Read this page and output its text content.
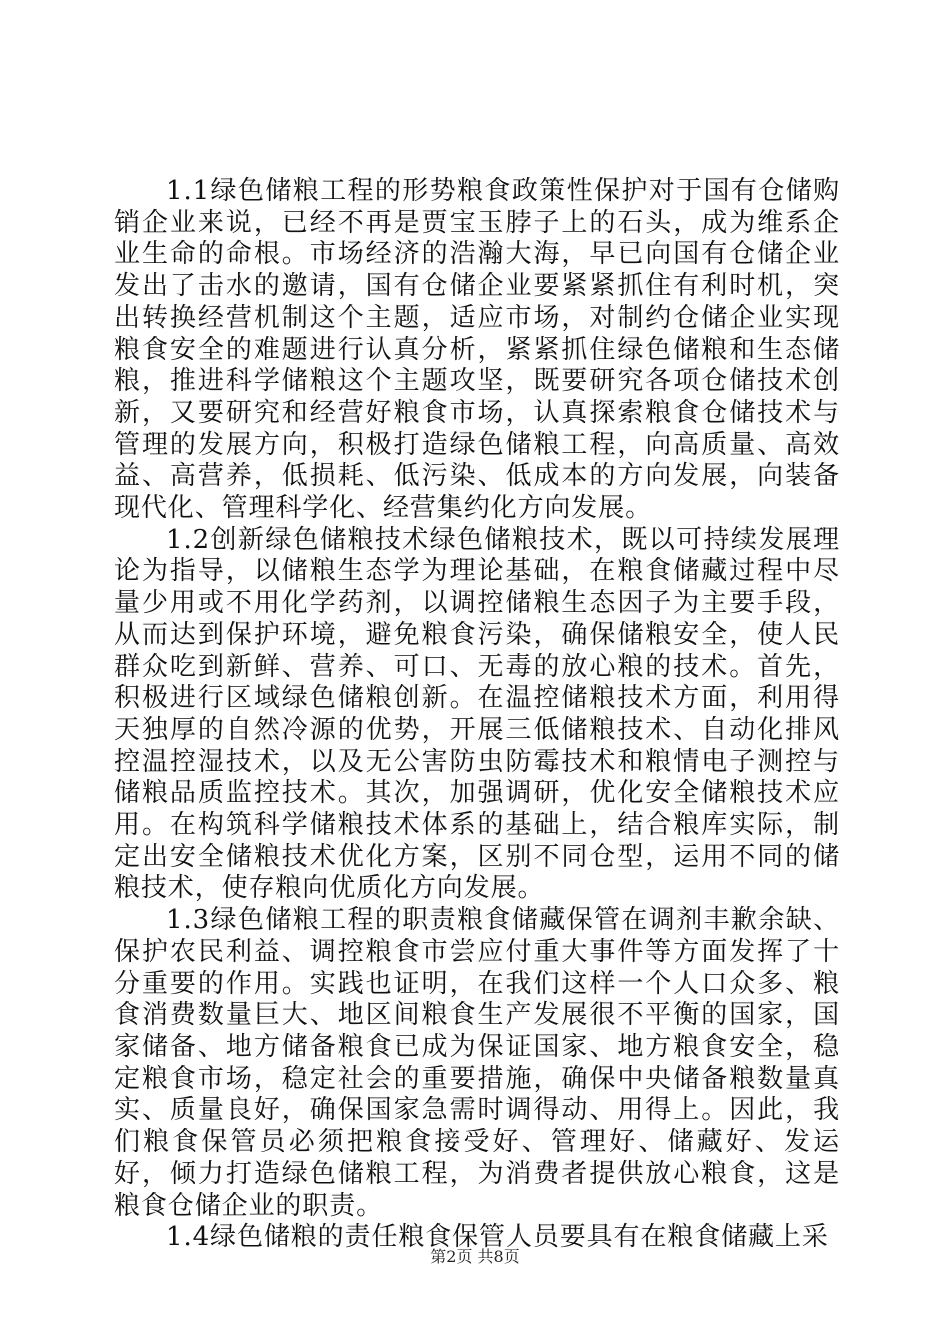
1.1绿色储粮工程的形势粮食政策性保护对于国有仓储购销企业来说，已经不再是贾宝玉脖子上的石头，成为维系企业生命的命根。市场经济的浩瀚大海，早已向国有仓储企业发出了击水的邀请，国有仓储企业要紧紧抓住有利时机，突出转换经营机制这个主题，适应市场，对制约仓储企业实现粮食安全的难题进行认真分析，紧紧抓住绿色储粮和生态储粮，推进科学储粮这个主题攻坚，既要研究各项仓储技术创新，又要研究和经营好粮食市场，认真探索粮食仓储技术与管理的发展方向，积极打造绿色储粮工程，向高质量、高效益、高营养，低损耗、低污染、低成本的方向发展，向装备现代化、管理科学化、经营集约化方向发展。

1.2创新绿色储粮技术绿色储粮技术，既以可持续发展理论为指导，以储粮生态学为理论基础，在粮食储藏过程中尽量少用或不用化学药剂，以调控储粮生态因子为主要手段，从而达到保护环境，避免粮食污染，确保储粮安全，使人民群众吃到新鲜、营养、可口、无毒的放心粮的技术。首先，积极进行区域绿色储粮创新。在温控储粮技术方面，利用得天独厚的自然冷源的优势，开展三低储粮技术、自动化排风控温控湿技术，以及无公害防虫防霉技术和粮情电子测控与储粮品质监控技术。其次，加强调研，优化安全储粮技术应用。在构筑科学储粮技术体系的基础上，结合粮库实际，制定出安全储粮技术优化方案，区别不同仓型，运用不同的储粮技术，使存粮向优质化方向发展。

1.3绿色储粮工程的职责粮食储藏保管在调剂丰歉余缺、保护农民利益、调控粮食市尝应付重大事件等方面发挥了十分重要的作用。实践也证明，在我们这样一个人口众多、粮食消费数量巨大、地区间粮食生产发展很不平衡的国家，国家储备、地方储备粮食已成为保证国家、地方粮食安全，稳定粮食市场，稳定社会的重要措施，确保中央储备粮数量真实、质量良好，确保国家急需时调得动、用得上。因此，我们粮食保管员必须把粮食接受好、管理好、储藏好、发运好，倾力打造绿色储粮工程，为消费者提供放心粮食，这是粮食仓储企业的职责。

1.4绿色储粮的责任粮食保管人员要具有在粮食储藏上采

第2页 共8页
